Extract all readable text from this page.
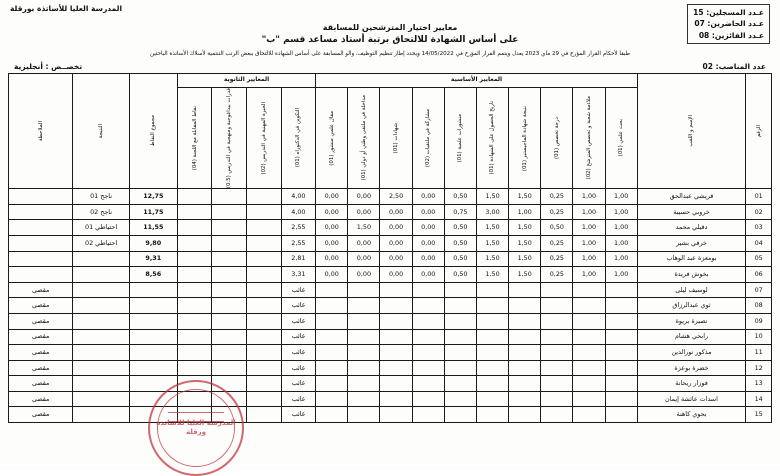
عـدد المسجلين: 15
عـدد الحاضرين: 07
عـدد الفائزين: 08
المدرسة العليا للأساتذة بورقلة
معايير اختيار المترشحين للمسابقة
على أساس الشهادة للالتحاق برتبة أستاذ مساعد قسم "ب"
طبقا لأحكام القرار المؤرخ في 29 ماي 2023 يعدل ويتمم القرار المؤرخ في 14/05/2022 ويحدد إطار تنظيم التوظيف، والو المسابقة على أساس الشهادة للالتحاق ببعض الرتب التنتمية لأسلاك الأساتذة الباحثين
عدد المناصب: 02
تخصــص : أنجليزية
الرقم	الإسم و اللقب	المعايير الأساسية										المعايير الثانوية				مجموع النقاط	النتيجة	الملاحظة

		بحث علمي (01)	ملاءمة شعبة و تخصص المترشح (02)	درجة تخصص (01)	نتيجة شهادة الماجيستير (01)	تاريخ الحصول على الشهادة (01)	منشورات علمية (01)	مشاركة في ملتقيات (02)	شهادات (01)	مداخلة في ملتقى وطني أو دولي (01)	مقال علمي منشور (01)	التكوين في الدكتوراه (01)	الخبرة المهنية في التدريس (02)	قدرات بيداغوجية ومنهجية في التدريس (0.5)	نقاط المقابلة مع اللجنة (04)			

01	قريشي عبدالحق	1,00	1,00	0,25	1,50	1,50	0,50	0,00	2,50	0,00	0,00	4,00				12,75	ناجح 01	
02	خروبي حسيبة	1,00	1,00	0,25	1,00	3,00	0,75	0,00	0,00	0,00	0,00	4,00				11,75	ناجح 02	
03	دقيلي محمد	1,00	1,00	0,50	1,50	1,50	0,50	0,00	0,00	1,50	0,00	2,55				11,55	احتياطي 01	
04	خرفي بشير	1,00	1,00	0,25	1,50	1,50	0,50	0,00	0,00	0,00	0,00	2,55				9,80	احتياطي 02	
05	بومعزة عبد الوهاب	1,00	1,00	0,25	1,50	1,50	0,50	0,00	0,00	0,00	0,00	2,81				9,31		
06	بخوش فريدة	1,00	1,00	0,25	1,50	1,50	0,50	0,00	0,00	0,00	0,00	3,31				8,56		
07	لوسيف ليلى											غائب						مقصى
08	ثوي عبدالرزاق											غائب						مقصى
09	نصيرة بريوة											غائب						مقصى
10	رابحي هشام											غائب						مقصى
11	مذكور نورالدين											غائب						مقصى
12	خضرة بوعزة											غائب						مقصى
13	فوزار ريحانة											غائب						مقصى
14	اسدات عائشة إيمان											غائب						مقصى
15	بحوي كاهنة											غائب						مقصى
المدرسة العليا للأساتذة ورقلة
